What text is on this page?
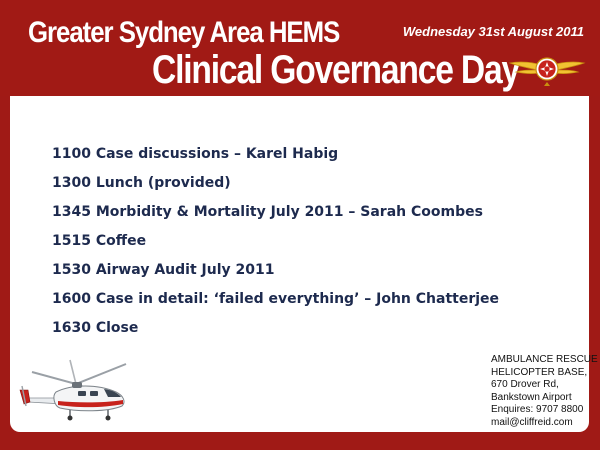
Greater Sydney Area HEMS
Clinical Governance Day
Wednesday 31st August 2011
1100 Case discussions – Karel Habig
1300 Lunch (provided)
1345 Morbidity & Mortality July 2011 – Sarah Coombes
1515 Coffee
1530 Airway Audit July 2011
1600 Case in detail: ‘failed everything’ – John Chatterjee
1630 Close
AMBULANCE RESCUE
HELICOPTER BASE,
670 Drover Rd,
Bankstown Airport
Enquires: 9707 8800
mail@cliffreid.com
